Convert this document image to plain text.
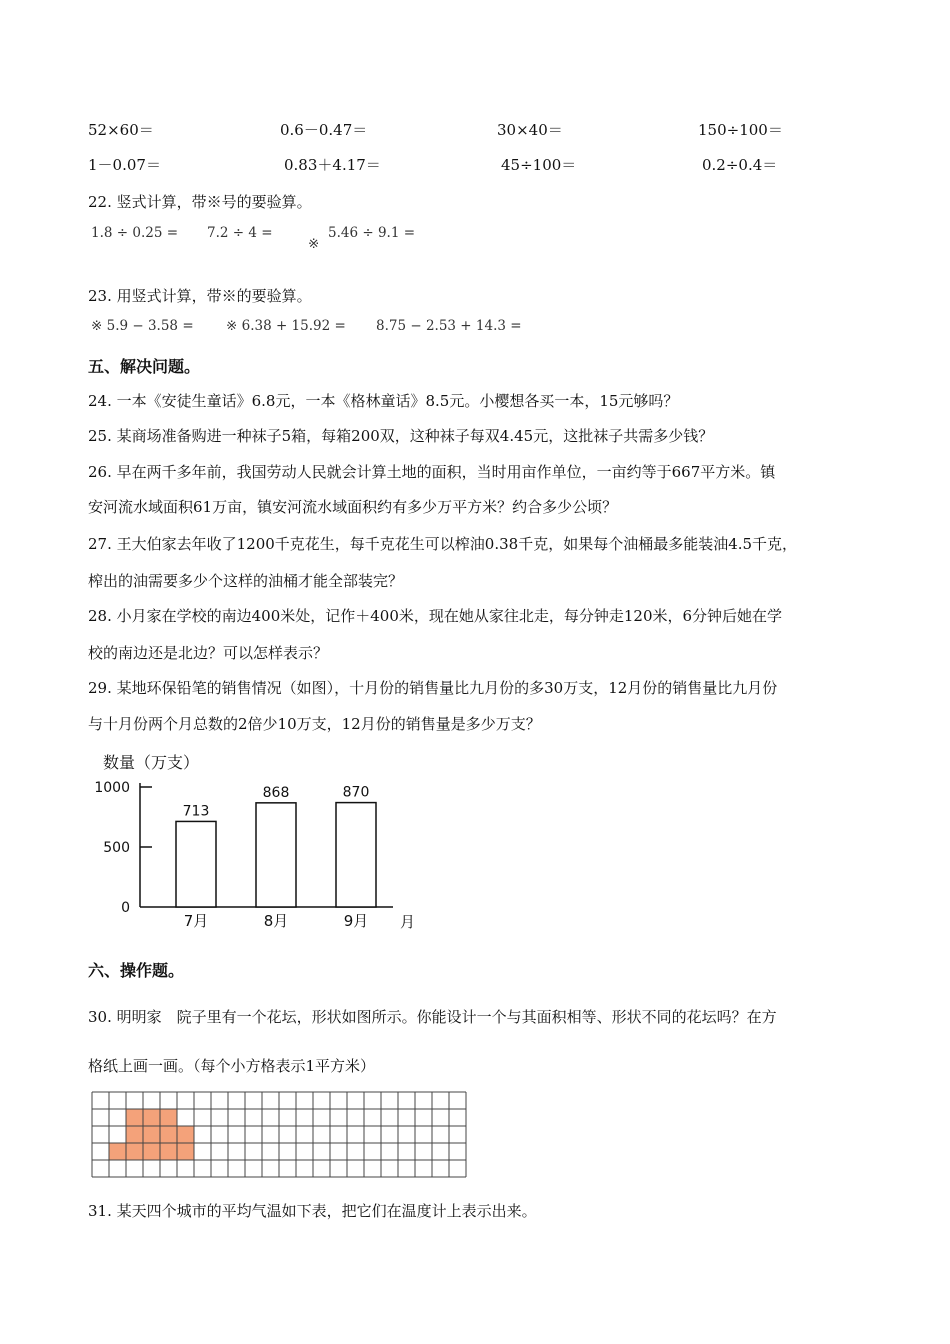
52×60＝	0.6－0.47＝	30×40＝	150÷100＝
1－0.07＝	0.83＋4.17＝	45÷100＝	0.2÷0.4＝
22. 竖式计算，带※号的要验算。
1.8 ÷ 0.25 = 7.2 ÷ 4 =	5.46 ÷ 9.1 =
※
23. 用竖式计算，带※的要验算。
※ 5.9 − 3.58 = ※ 6.38 + 15.92 = 8.75 − 2.53 + 14.3 =
五、解决问题。
24. 一本《安徒生童话》6.8元，一本《格林童话》8.5元。小樱想各买一本，15元够吗？
25. 某商场准备购进一种袜子5箱，每箱200双，这种袜子每双4.45元，这批袜子共需多少钱？
26. 早在两千多年前，我国劳动人民就会计算土地的面积，当时用亩作单位，一亩约等于667平方米。镇
安河流水域面积61万亩，镇安河流水域面积约有多少万平方米？约合多少公顷？
27. 王大伯家去年收了1200千克花生，每千克花生可以榨油0.38千克，如果每个油桶最多能装油4.5千克，
榨出的油需要多少个这样的油桶才能全部装完？
28. 小月家在学校的南边400米处，记作＋400米，现在她从家往北走，每分钟走120米，6分钟后她在学
校的南边还是北边？可以怎样表示？
29. 某地环保铅笔的销售情况（如图），十月份的销售量比九月份的多30万支，12月份的销售量比九月份
与十月份两个月总数的2倍少10万支，12月份的销售量是多少万支？
数量（万支）
月
0
500
1000
713
7月
868
8月
870
9月
六、操作题。
30. 明明家　院子里有一个花坛，形状如图所示。你能设计一个与其面积相等、形状不同的花坛吗？在方
格纸上画一画。（每个小方格表示1平方米）
31. 某天四个城市的平均气温如下表，把它们在温度计上表示出来。
